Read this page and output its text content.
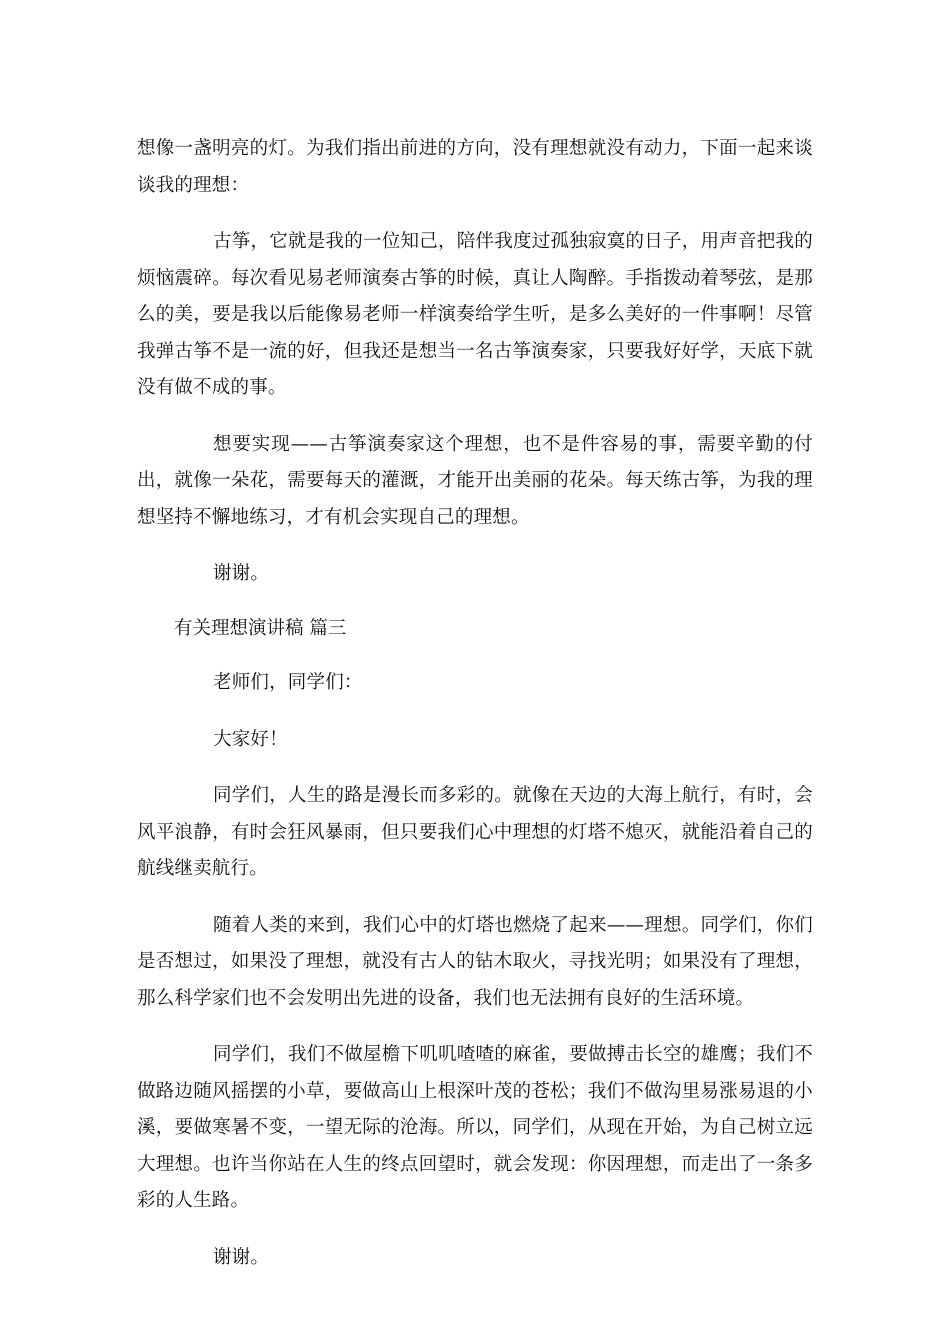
想像一盏明亮的灯。为我们指出前进的方向，没有理想就没有动力，下面一起来谈谈我的理想：

古筝，它就是我的一位知己，陪伴我度过孤独寂寞的日子，用声音把我的烦恼震碎。每次看见易老师演奏古筝的时候，真让人陶醉。手指拨动着琴弦，是那么的美，要是我以后能像易老师一样演奏给学生听，是多么美好的一件事啊！尽管我弹古筝不是一流的好，但我还是想当一名古筝演奏家，只要我好好学，天底下就没有做不成的事。

想要实现——古筝演奏家这个理想，也不是件容易的事，需要辛勤的付出，就像一朵花，需要每天的灌溉，才能开出美丽的花朵。每天练古筝，为我的理想坚持不懈地练习，才有机会实现自己的理想。

谢谢。

有关理想演讲稿 篇三

老师们，同学们：

大家好！

同学们，人生的路是漫长而多彩的。就像在天边的大海上航行，有时，会风平浪静，有时会狂风暴雨，但只要我们心中理想的灯塔不熄灭，就能沿着自己的航线继卖航行。

随着人类的来到，我们心中的灯塔也燃烧了起来——理想。同学们，你们是否想过，如果没了理想，就没有古人的钻木取火，寻找光明；如果没有了理想，那么科学家们也不会发明出先进的设备，我们也无法拥有良好的生活环境。

同学们，我们不做屋檐下叽叽喳喳的麻雀，要做搏击长空的雄鹰；我们不做路边随风摇摆的小草，要做高山上根深叶茂的苍松；我们不做沟里易涨易退的小溪，要做寒暑不变，一望无际的沧海。所以，同学们，从现在开始，为自己树立远大理想。也许当你站在人生的终点回望时，就会发现：你因理想，而走出了一条多彩的人生路。

谢谢。
